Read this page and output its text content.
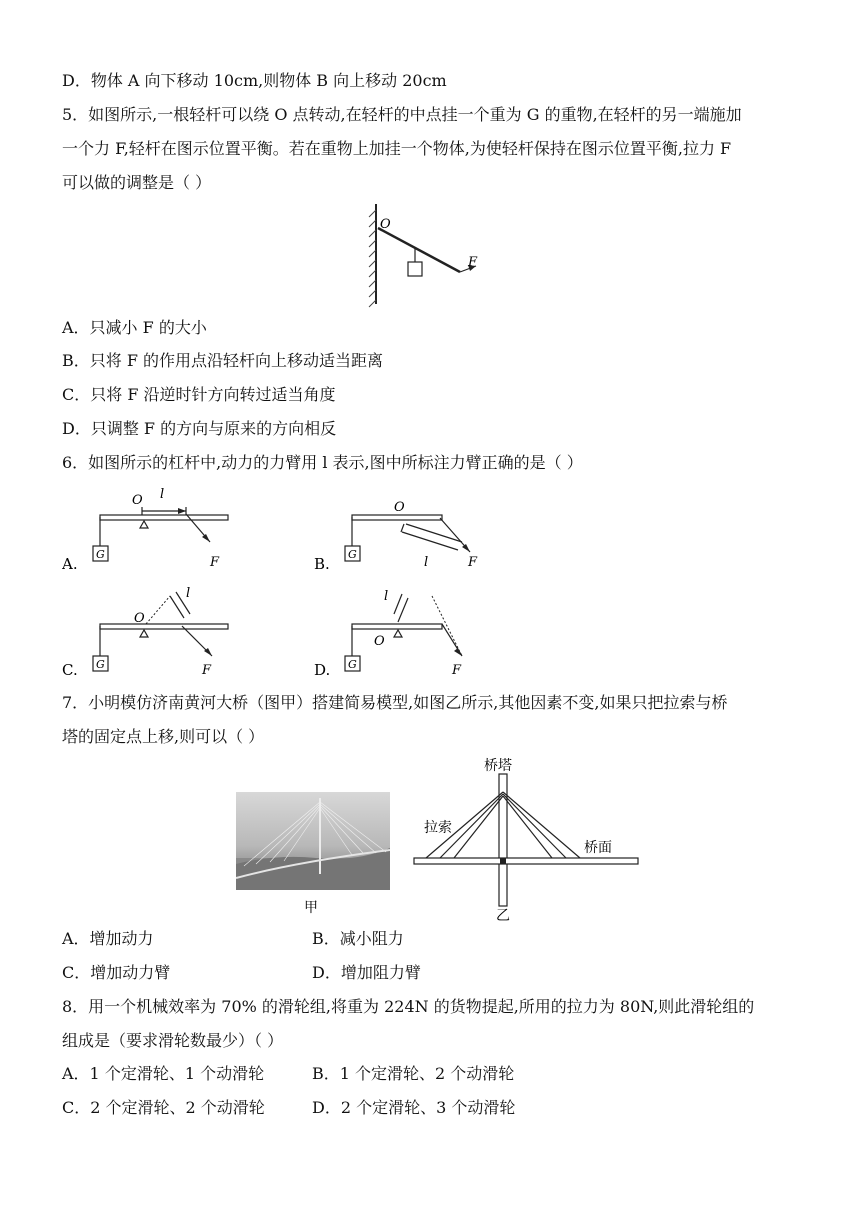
D．物体 A 向下移动 10cm,则物体 B 向上移动 20cm
5．如图所示,一根轻杆可以绕 O 点转动,在轻杆的中点挂一个重为 G 的重物,在轻杆的另一端施加
一个力 F,轻杆在图示位置平衡。若在重物上加挂一个物体,为使轻杆保持在图示位置平衡,拉力 F
可以做的调整是（ ）
O
F
A．只减小 F 的大小
B．只将 F 的作用点沿轻杆向上移动适当距离
C．只将 F 沿逆时针方向转过适当角度
D．只调整 F 的方向与原来的方向相反
6．如图所示的杠杆中,动力的力臂用 l 表示,图中所标注力臂正确的是（ ）
A.
G
O l
F	B.
G
O
l	F
C. G
O
l
F	D. G
O
l
F
7．小明模仿济南黄河大桥（图甲）搭建简易模型,如图乙所示,其他因素不变,如果只把拉索与桥
塔的固定点上移,则可以（ ）
甲
桥塔
拉索
桥面
乙
A．增加动力	B．减小阻力
C．增加动力臂	D．增加阻力臂
8．用一个机械效率为 70% 的滑轮组,将重为 224N 的货物提起,所用的拉力为 80N,则此滑轮组的
组成是（要求滑轮数最少）（ ）
A．1 个定滑轮、1 个动滑轮	B．1 个定滑轮、2 个动滑轮
C．2 个定滑轮、2 个动滑轮	D．2 个定滑轮、3 个动滑轮
